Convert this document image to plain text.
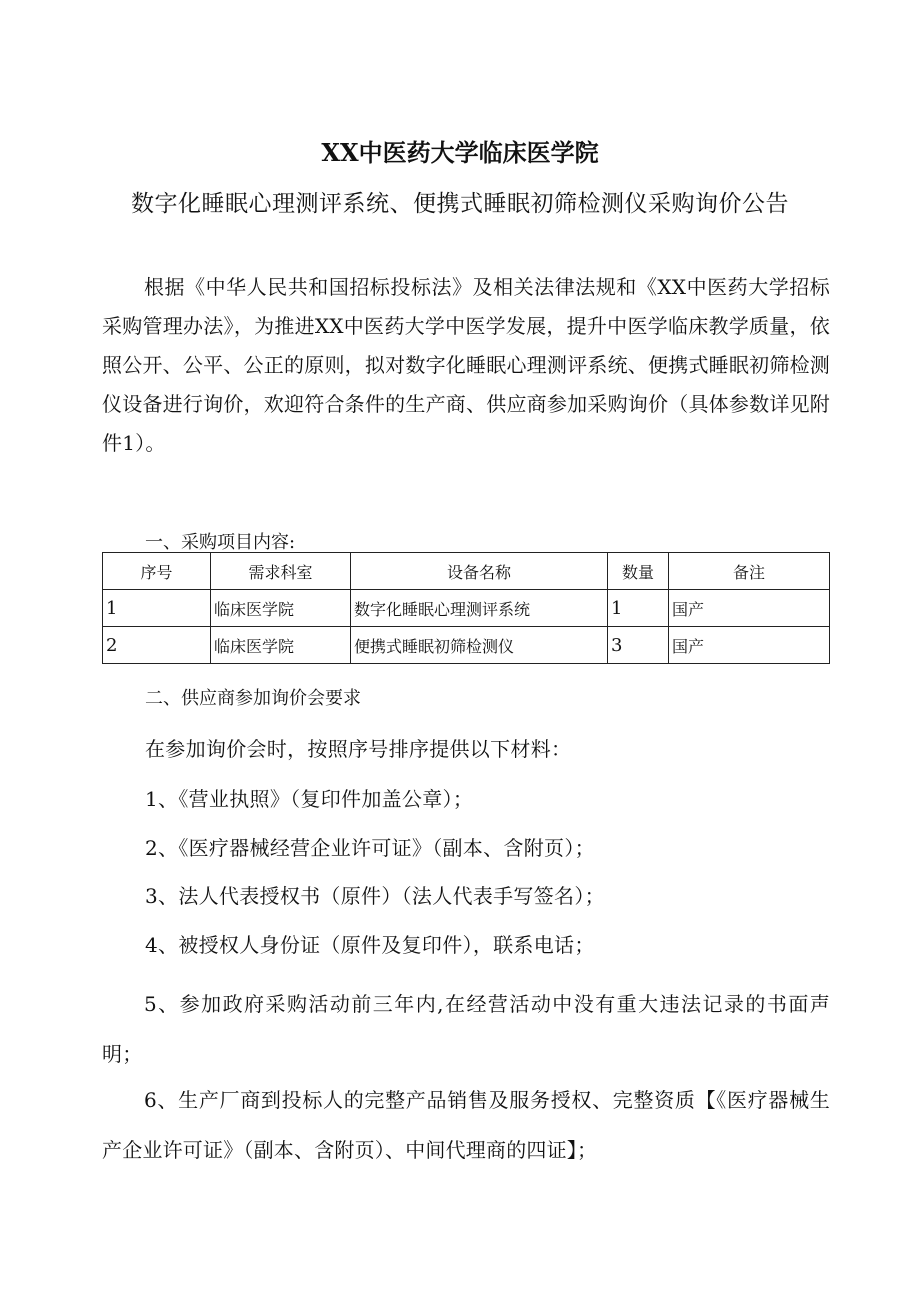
XX中医药大学临床医学院
数字化睡眠心理测评系统、便携式睡眠初筛检测仪采购询价公告
根据《中华人民共和国招标投标法》及相关法律法规和《XX中医药大学招标采购管理办法》，为推进XX中医药大学中医学发展，提升中医学临床教学质量，依照公开、公平、公正的原则，拟对数字化睡眠心理测评系统、便携式睡眠初筛检测仪设备进行询价，欢迎符合条件的生产商、供应商参加采购询价（具体参数详见附件1）。
一、采购项目内容:
序号	需求科室	设备名称	数量	备注
1	临床医学院	数字化睡眠心理测评系统	1	国产
2	临床医学院	便携式睡眠初筛检测仪	3	国产
二、供应商参加询价会要求
在参加询价会时，按照序号排序提供以下材料：
1、《营业执照》（复印件加盖公章）；
2、《医疗器械经营企业许可证》（副本、含附页）；
3、法人代表授权书（原件）（法人代表手写签名）；
4、被授权人身份证（原件及复印件），联系电话；
5、参加政府采购活动前三年内,在经营活动中没有重大违法记录的书面声明；
6、生产厂商到投标人的完整产品销售及服务授权、完整资质【《医疗器械生产企业许可证》（副本、含附页）、中间代理商的四证】；
